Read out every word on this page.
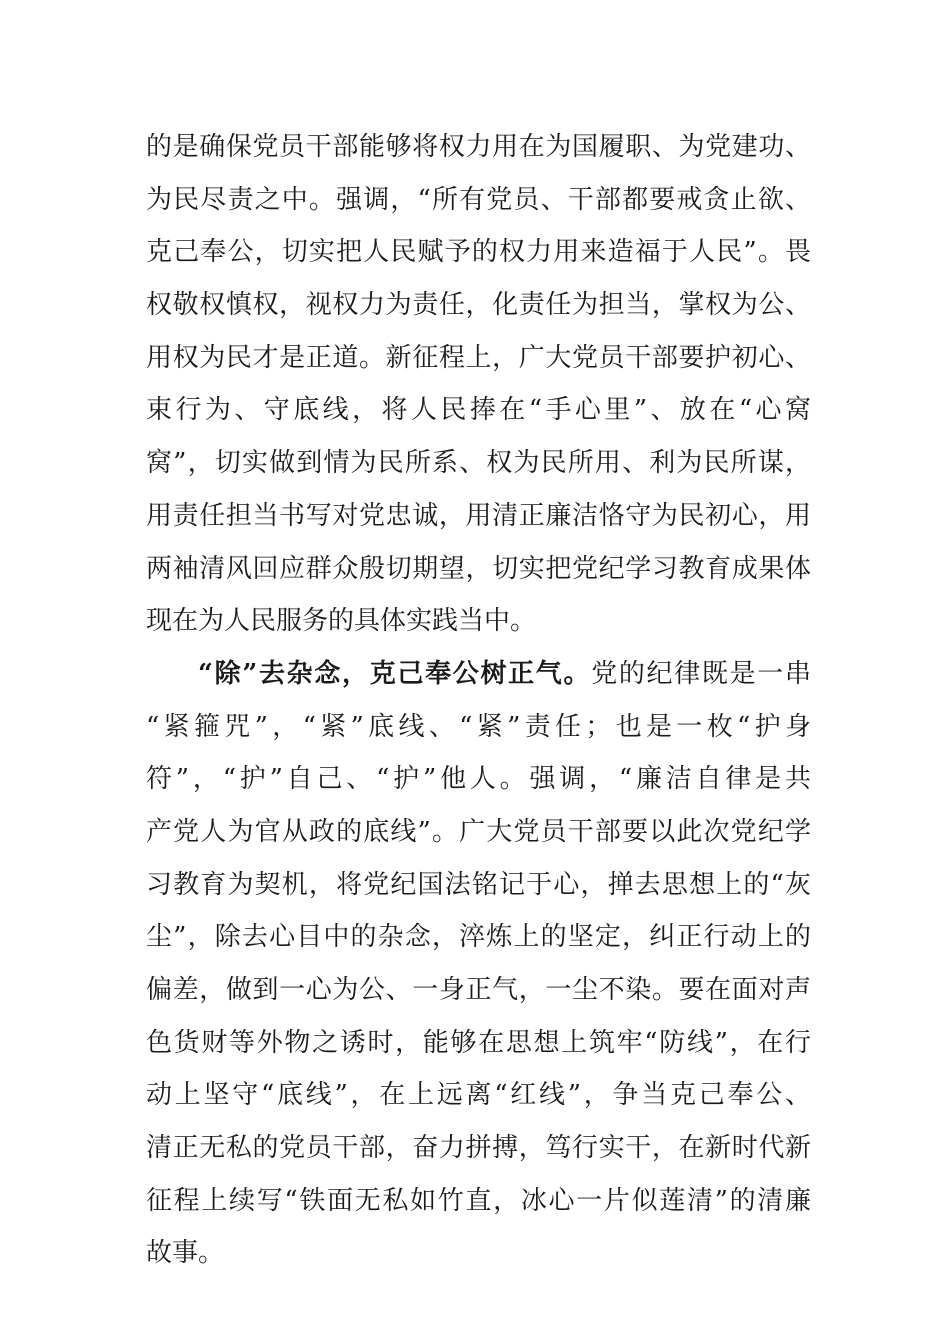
的是确保党员干部能够将权力用在为国履职、为党建功、
为民尽责之中。强调，“所有党员、干部都要戒贪止欲、
克己奉公，切实把人民赋予的权力用来造福于人民”。畏
权敬权慎权，视权力为责任，化责任为担当，掌权为公、
用权为民才是正道。新征程上，广大党员干部要护初心、
束行为、守底线，将人民捧在“手心里”、放在“心窝
窝”，切实做到情为民所系、权为民所用、利为民所谋，
用责任担当书写对党忠诚，用清正廉洁恪守为民初心，用
两袖清风回应群众殷切期望，切实把党纪学习教育成果体
现在为人民服务的具体实践当中。
“除”去杂念，克己奉公树正气。党的纪律既是一串
“紧箍咒”，“紧”底线、“紧”责任；也是一枚“护身
符”，“护”自己、“护”他人。强调，“廉洁自律是共
产党人为官从政的底线”。广大党员干部要以此次党纪学
习教育为契机，将党纪国法铭记于心，掸去思想上的“灰
尘”，除去心目中的杂念，淬炼上的坚定，纠正行动上的
偏差，做到一心为公、一身正气，一尘不染。要在面对声
色货财等外物之诱时，能够在思想上筑牢“防线”，在行
动上坚守“底线”，在上远离“红线”，争当克己奉公、
清正无私的党员干部，奋力拼搏，笃行实干，在新时代新
征程上续写“铁面无私如竹直，冰心一片似莲清”的清廉
故事。
